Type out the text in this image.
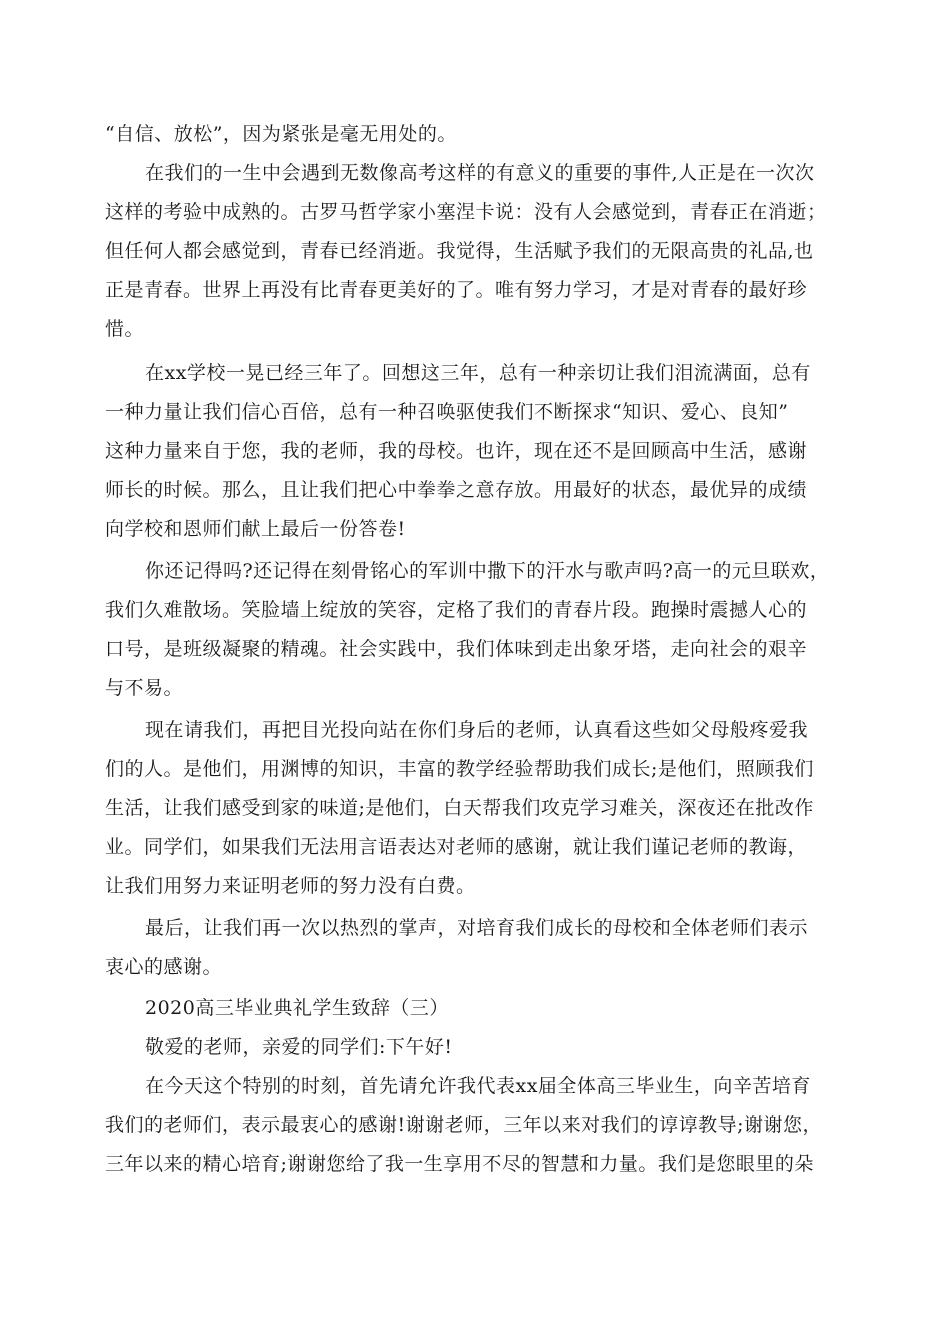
“自信、放松”，因为紧张是毫无用处的。
在我们的一生中会遇到无数像高考这样的有意义的重要的事件,人正是在一次次
这样的考验中成熟的。古罗马哲学家小塞涅卡说：没有人会感觉到，青春正在消逝；
但任何人都会感觉到，青春已经消逝。我觉得，生活赋予我们的无限高贵的礼品,也
正是青春。世界上再没有比青春更美好的了。唯有努力学习，才是对青春的最好珍
惜。
在xx学校一晃已经三年了。回想这三年，总有一种亲切让我们泪流满面，总有
一种力量让我们信心百倍，总有一种召唤驱使我们不断探求“知识、爱心、良知”
这种力量来自于您，我的老师，我的母校。也许，现在还不是回顾高中生活，感谢
师长的时候。那么，且让我们把心中拳拳之意存放。用最好的状态，最优异的成绩
向学校和恩师们献上最后一份答卷!
你还记得吗?还记得在刻骨铭心的军训中撒下的汗水与歌声吗?高一的元旦联欢，
我们久难散场。笑脸墙上绽放的笑容，定格了我们的青春片段。跑操时震撼人心的
口号，是班级凝聚的精魂。社会实践中，我们体味到走出象牙塔，走向社会的艰辛
与不易。
现在请我们，再把目光投向站在你们身后的老师，认真看这些如父母般疼爱我
们的人。是他们，用渊博的知识，丰富的教学经验帮助我们成长;是他们，照顾我们
生活，让我们感受到家的味道;是他们，白天帮我们攻克学习难关，深夜还在批改作
业。同学们，如果我们无法用言语表达对老师的感谢，就让我们谨记老师的教诲，
让我们用努力来证明老师的努力没有白费。
最后，让我们再一次以热烈的掌声，对培育我们成长的母校和全体老师们表示
衷心的感谢。
2020高三毕业典礼学生致辞（三）
敬爱的老师，亲爱的同学们:下午好!
在今天这个特别的时刻，首先请允许我代表xx届全体高三毕业生，向辛苦培育
我们的老师们，表示最衷心的感谢!谢谢老师，三年以来对我们的谆谆教导;谢谢您，
三年以来的精心培育;谢谢您给了我一生享用不尽的智慧和力量。我们是您眼里的朵
